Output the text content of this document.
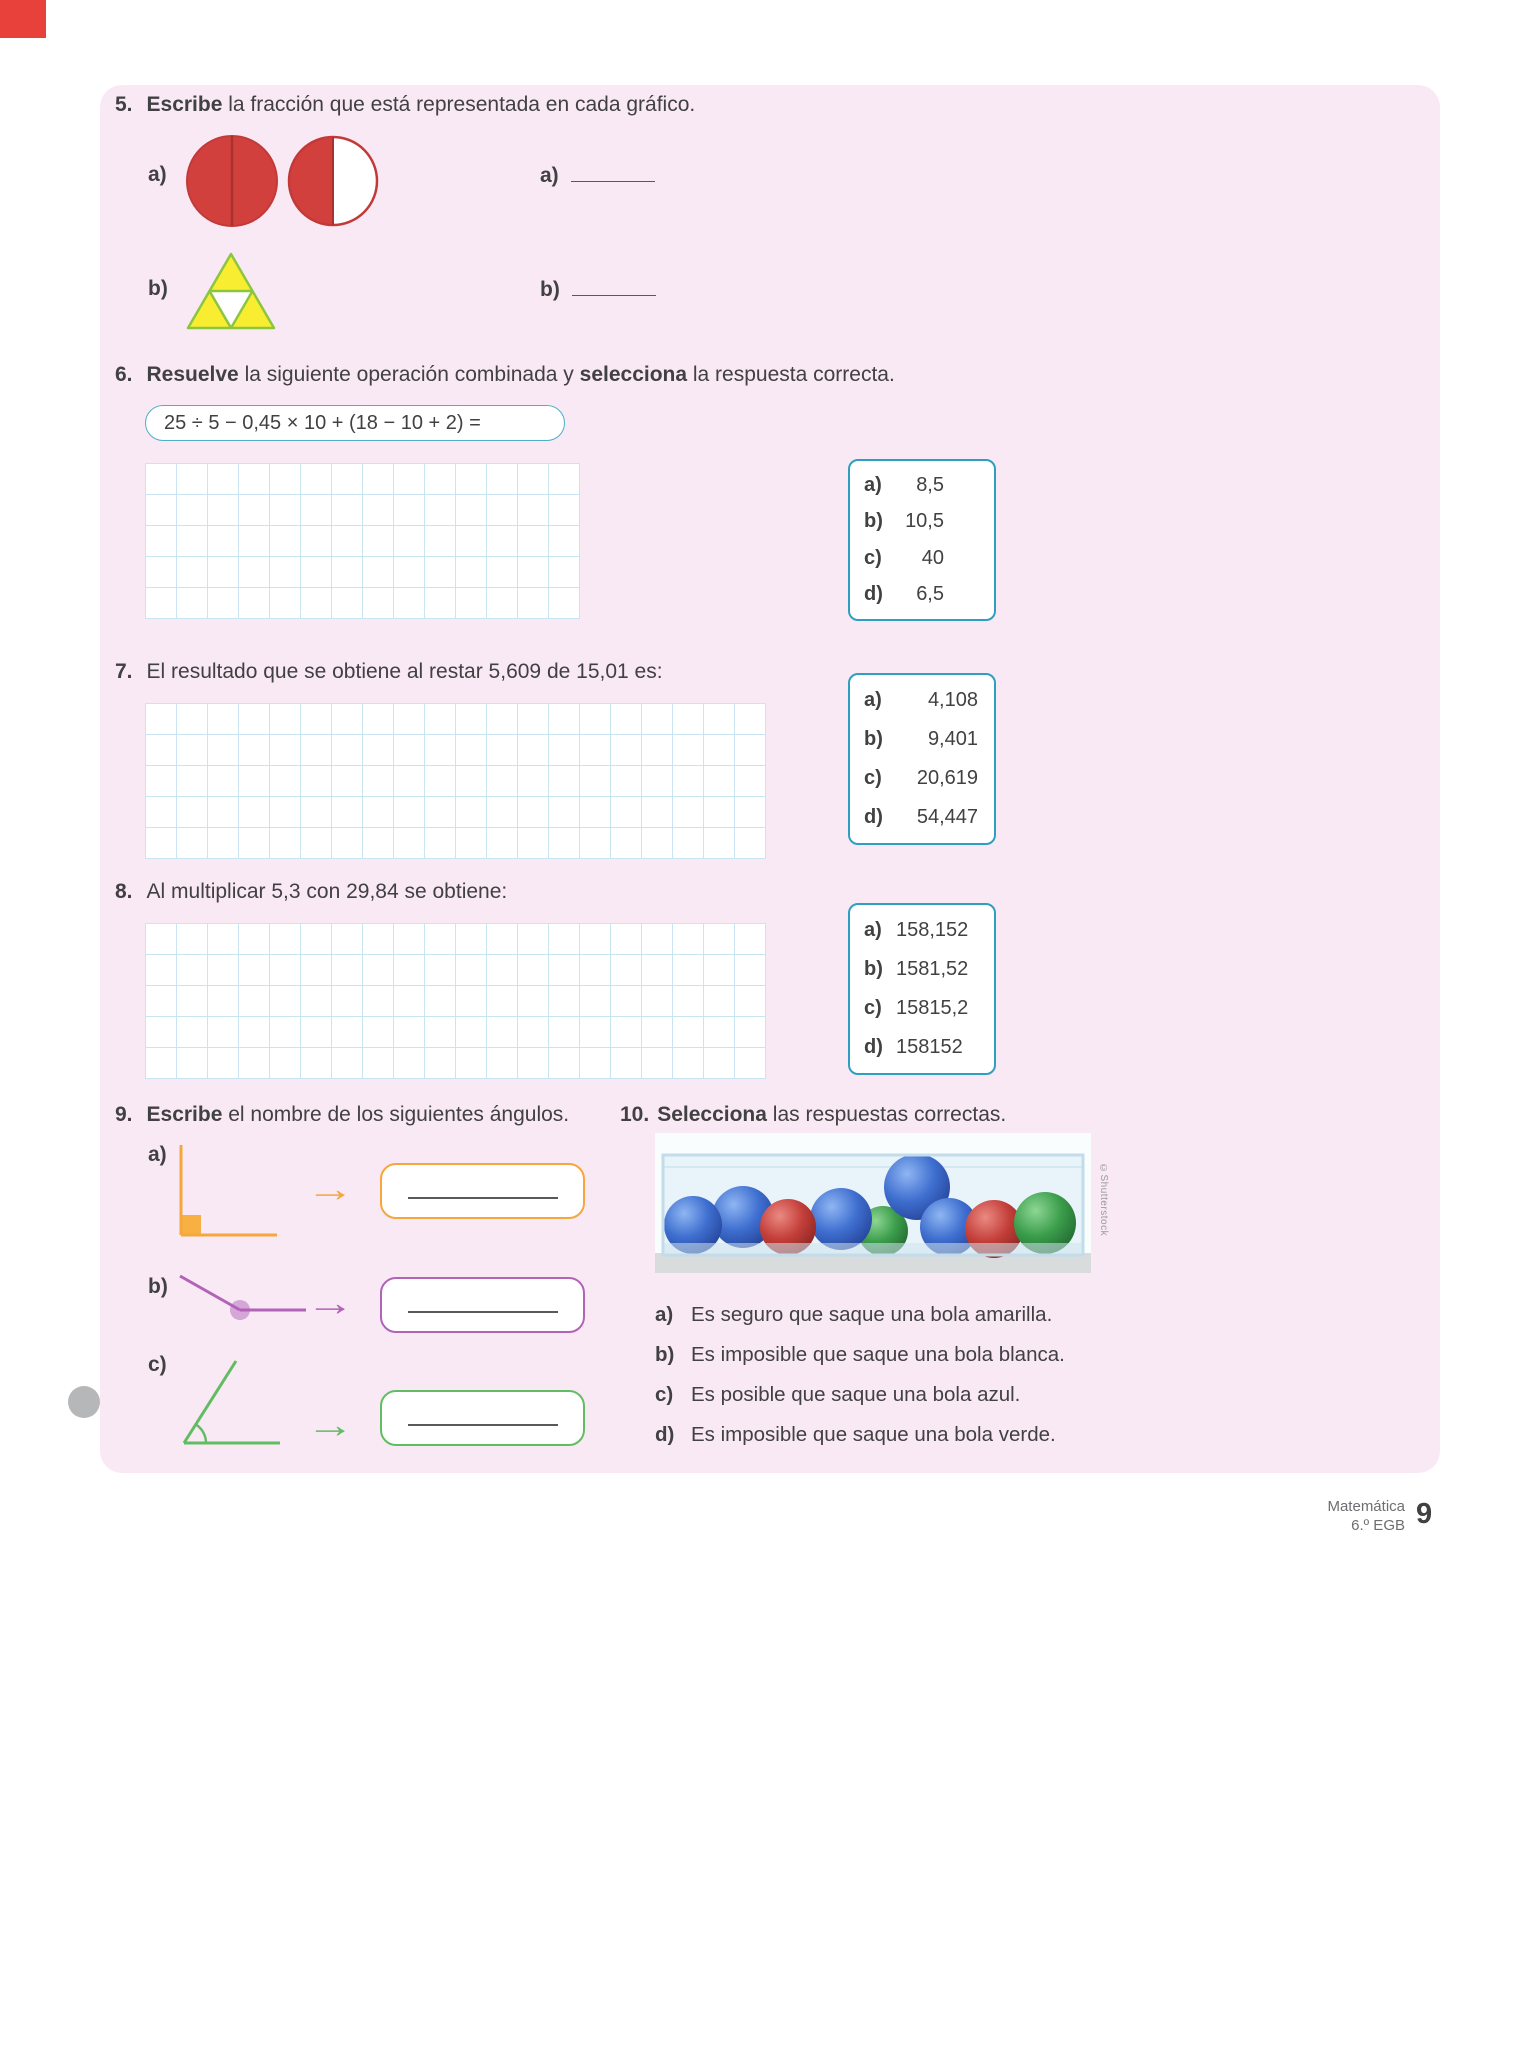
5. Escribe la fracción que está representada en cada gráfico.
a)	a)
b)	b)
6. Resuelve la siguiente operación combinada y selecciona la respuesta correcta.
25 ÷ 5 − 0,45 × 10 + (18 − 10 + 2) =
a)	8,5
b)	10,5
c)	40
d)	6,5
7. El resultado que se obtiene al restar 5,609 de 15,01 es:
a)	4,108
b)	9,401
c)	20,619
d)	54,447
8. Al multiplicar 5,3 con 29,84 se obtiene:
a) 158,152
b) 1581,52
c) 15815,2
d) 158152
9. Escribe el nombre de los siguientes ángulos.
a)
→
b)	→
c)
→
10. Selecciona las respuestas correctas.
©Shutterstock
a) Es seguro que saque una bola amarilla.
b) Es imposible que saque una bola blanca.
c) Es posible que saque una bola azul.
d) Es imposible que saque una bola verde.
Matemática
6.º EGB 9
